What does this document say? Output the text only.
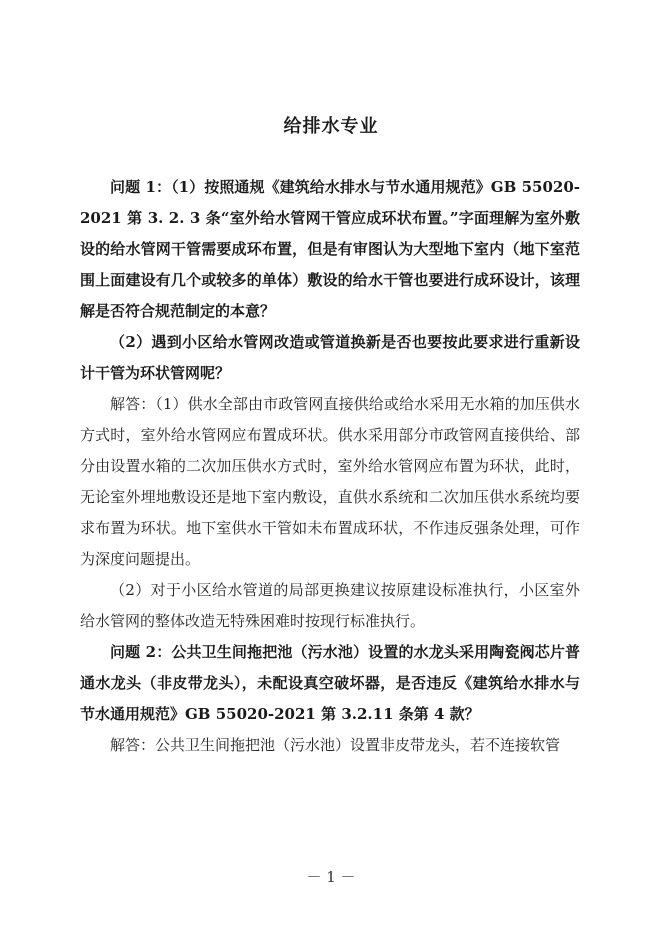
给排水专业

问题 1：（1）按照通规《建筑给水排水与节水通用规范》GB 55020-2021 第 3. 2. 3 条“室外给水管网干管应成环状布置。”字面理解为室外敷设的给水管网干管需要成环布置，但是有审图认为大型地下室内（地下室范围上面建设有几个或较多的单体）敷设的给水干管也要进行成环设计，该理解是否符合规范制定的本意？

（2）遇到小区给水管网改造或管道换新是否也要按此要求进行重新设计干管为环状管网呢？

解答：（1）供水全部由市政管网直接供给或给水采用无水箱的加压供水方式时，室外给水管网应布置成环状。供水采用部分市政管网直接供给、部分由设置水箱的二次加压供水方式时，室外给水管网应布置为环状，此时，无论室外埋地敷设还是地下室内敷设，直供水系统和二次加压供水系统均要求布置为环状。地下室供水干管如未布置成环状，不作违反强条处理，可作为深度问题提出。

（2）对于小区给水管道的局部更换建议按原建设标准执行，小区室外给水管网的整体改造无特殊困难时按现行标准执行。

问题 2：公共卫生间拖把池（污水池）设置的水龙头采用陶瓷阀芯片普通水龙头（非皮带龙头），未配设真空破坏器，是否违反《建筑给水排水与节水通用规范》GB 55020-2021 第 3.2.11 条第 4 款？

解答：公共卫生间拖把池（污水池）设置非皮带龙头，若不连接软管

－ 1 －
